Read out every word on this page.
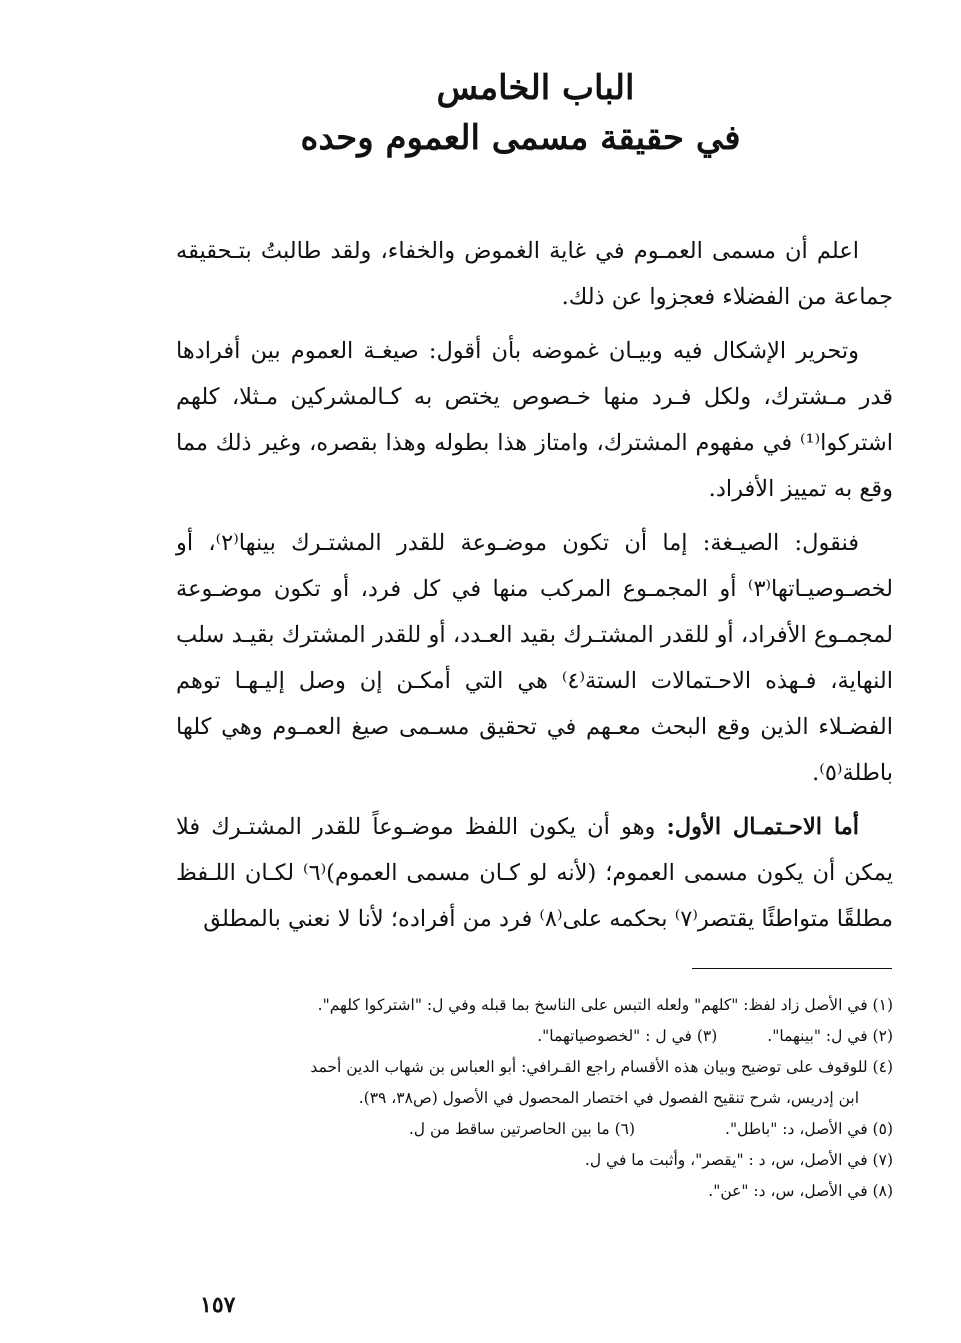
الباب الخامس
في حقيقة مسمى العموم وحده

اعلم أن مسمى العمـوم في غاية الغموض والخفاء، ولقد طالبتُ بتـحقيقه جماعة من الفضلاء فعجزوا عن ذلك.

وتحرير الإشكال فيه وبيـان غموضه بأن أقول: صيغـة العموم بين أفرادها قدر مـشترك، ولكل فـرد منها خـصوص يختص به كـالمشركين مـثلا، كلهم اشتركوا⁽¹⁾ في مفهوم المشترك، وامتاز هذا بطوله وهذا بقصره، وغير ذلك مما وقع به تمييز الأفراد.

فنقول: الصيـغة: إما أن تكون موضـوعة للقدر المشتـرك بينها⁽٢⁾، أو لخصـوصيـاتها⁽٣⁾ أو المجمـوع المركب منها في كل فرد، أو تكون موضـوعة لمجمـوع الأفراد، أو للقدر المشتـرك بقيد العـدد، أو للقدر المشترك بقيـد سلب النهاية، فـهذه الاحـتمالات الستة⁽٤⁾ هي التي أمكـن إن وصل إليـهـا توهم الفضـلاء الذين وقع البحث معـهم في تحقيق مسـمى صيغ العمـوم وهي كلها باطلة⁽٥⁾.

أما الاحـتمـال الأول: وهو أن يكون اللفظ موضـوعاً للقدر المشتـرك فلا يمكن أن يكون مسمى العموم؛ (لأنه لو كـان مسمى العموم)⁽٦⁾ لكـان اللـفظ مطلقًا متواطئًا يقتصر⁽٧⁾ بحكمه على⁽٨⁾ فرد من أفراده؛ لأنا لا نعني بالمطلق

(١) في الأصل زاد لفظ: "كلهم" ولعله التبس على الناسخ بما قبله وفي ل: "اشتركوا كلهم".
(٢) في ل: "بينهما".
(٣) في ل : "لخصوصياتهما".
(٤) للوقوف على توضيح وبيان هذه الأقسام راجع القـرافي: أبو العباس بن شهاب الدين أحمد
ابن إدريس، شرح تنقيح الفصول في اختصار المحصول في الأصول (ص٣٨، ٣٩).
(٥) في الأصل، د: "باطل".
(٦) ما بين الحاصرتين ساقط من ل.
(٧) في الأصل، س، د : "يقصر"، وأثبت ما في ل.
(٨) في الأصل، س، د: "عن".
١٥٧
